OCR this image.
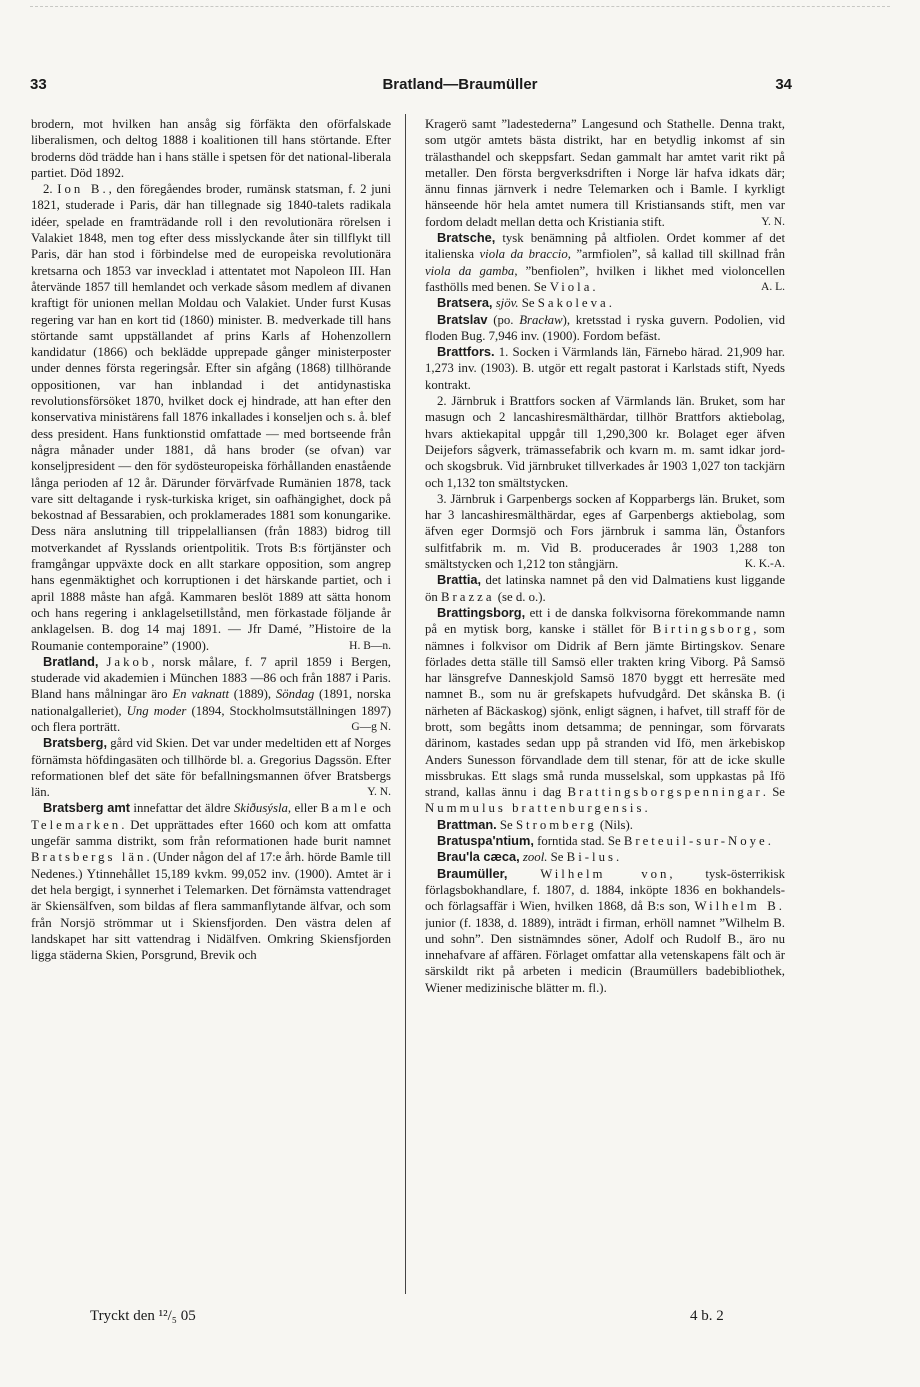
33	Bratland—Braumüller	34

brodern, mot hvilken han ansåg sig förfäkta den oförfalskade liberalismen, och deltog 1888 i koalitionen till hans störtande. Efter broderns död trädde han i hans ställe i spetsen för det national-liberala partiet. Död 1892.

2. Ion B., den föregåendes broder, rumänsk statsman, f. 2 juni 1821, studerade i Paris, där han tillegnade sig 1840-talets radikala idéer, spelade en framträdande roll i den revolutionära rörelsen i Valakiet 1848, men tog efter dess misslyckande åter sin tillflykt till Paris, där han stod i förbindelse med de europeiska revolutionära kretsarna och 1853 var invecklad i attentatet mot Napoleon III. Han återvände 1857 till hemlandet och verkade såsom medlem af divanen kraftigt för unionen mellan Moldau och Valakiet. Under furst Kusas regering var han en kort tid (1860) minister. B. medverkade till hans störtande samt uppställandet af prins Karls af Hohenzollern kandidatur (1866) och beklädde upprepade gånger ministerposter under dennes första regeringsår. Efter sin afgång (1868) tillhörande oppositionen, var han inblandad i det antidynastiska revolutionsförsöket 1870, hvilket dock ej hindrade, att han efter den konservativa ministärens fall 1876 inkallades i konseljen och s. å. blef dess president. Hans funktionstid omfattade — med bortseende från några månader under 1881, då hans broder (se ofvan) var konseljpresident — den för sydösteuropeiska förhållanden enastående långa perioden af 12 år. Därunder förvärfvade Rumänien 1878, tack vare sitt deltagande i rysk-turkiska kriget, sin oafhängighet, dock på bekostnad af Bessarabien, och proklamerades 1881 som konungarike. Dess nära anslutning till trippelalliansen (från 1883) bidrog till motverkandet af Rysslands orientpolitik. Trots B:s förtjänster och framgångar uppväxte dock en allt starkare opposition, som angrep hans egenmäktighet och korruptionen i det härskande partiet, och i april 1888 måste han afgå. Kammaren beslöt 1889 att sätta honom och hans regering i anklagelsetillstånd, men förkastade följande år anklagelsen. B. dog 14 maj 1891. — Jfr Damé, ”Histoire de la Roumanie contemporaine” (1900).	H. B—n.

Bratland, Jakob, norsk målare, f. 7 april 1859 i Bergen, studerade vid akademien i München 1883 —86 och från 1887 i Paris. Bland hans målningar äro En vaknatt (1889), Söndag (1891, norska nationalgalleriet), Ung moder (1894, Stockholmsutställningen 1897) och flera porträtt.	G—g N.

Bratsberg, gård vid Skien. Det var under medeltiden ett af Norges förnämsta höfdingasäten och tillhörde bl. a. Gregorius Dagssön. Efter reformationen blef det säte för befallningsmannen öfver Bratsbergs län.	Y. N.

Bratsberg amt innefattar det äldre Skiðusýsla, eller Bamle och Telemarken. Det upprättades efter 1660 och kom att omfatta ungefär samma distrikt, som från reformationen hade burit namnet Bratsbergs län. (Under någon del af 17:e årh. hörde Bamle till Nedenes.) Ytinnehållet 15,189 kvkm. 99,052 inv. (1900). Amtet är i det hela bergigt, i synnerhet i Telemarken. Det förnämsta vattendraget är Skiensälfven, som bildas af flera sammanflytande älfvar, och som från Norsjö strömmar ut i Skiensfjorden. Den västra delen af landskapet har sitt vattendrag i Nidälfven. Omkring Skiensfjorden ligga städerna Skien, Porsgrund, Brevik och

Kragerö samt ”ladestederna” Langesund och Stathelle. Denna trakt, som utgör amtets bästa distrikt, har en betydlig inkomst af sin trälasthandel och skeppsfart. Sedan gammalt har amtet varit rikt på metaller. Den första bergverksdriften i Norge lär hafva idkats där; ännu finnas järnverk i nedre Telemarken och i Bamle. I kyrkligt hänseende hör hela amtet numera till Kristiansands stift, men var fordom deladt mellan detta och Kristiania stift.	Y. N.

Bratsche, tysk benämning på altfiolen. Ordet kommer af det italienska viola da braccio, ”armfiolen”, så kallad till skillnad från viola da gamba, ”benfiolen”, hvilken i likhet med violoncellen fasthölls med benen. Se Viola.	A. L.

Bratsera, sjöv. Se Sakoleva.

Bratslav (po. Bracław), kretsstad i ryska guvern. Podolien, vid floden Bug. 7,946 inv. (1900). Fordom befäst.

Brattfors. 1. Socken i Värmlands län, Färnebo härad. 21,909 har. 1,273 inv. (1903). B. utgör ett regalt pastorat i Karlstads stift, Nyeds kontrakt.

2. Järnbruk i Brattfors socken af Värmlands län. Bruket, som har masugn och 2 lancashiresmälthärdar, tillhör Brattfors aktiebolag, hvars aktiekapital uppgår till 1,290,300 kr. Bolaget eger äfven Deijefors sågverk, trämassefabrik och kvarn m. m. samt idkar jord- och skogsbruk. Vid järnbruket tillverkades år 1903 1,027 ton tackjärn och 1,132 ton smältstycken.

3. Järnbruk i Garpenbergs socken af Kopparbergs län. Bruket, som har 3 lancashiresmälthärdar, eges af Garpenbergs aktiebolag, som äfven eger Dormsjö och Fors järnbruk i samma län, Östanfors sulfitfabrik m. m. Vid B. producerades år 1903 1,288 ton smältstycken och 1,212 ton stångjärn.	K. K.-A.

Brattia, det latinska namnet på den vid Dalmatiens kust liggande ön Brazza (se d. o.).

Brattingsborg, ett i de danska folkvisorna förekommande namn på en mytisk borg, kanske i stället för Birtingsborg, som nämnes i folkvisor om Didrik af Bern jämte Birtingskov. Senare förlades detta ställe till Samsö eller trakten kring Viborg. På Samsö har länsgrefve Danneskjold Samsö 1870 byggt ett herresäte med namnet B., som nu är grefskapets hufvudgård. Det skånska B. (i närheten af Bäckaskog) sjönk, enligt sägnen, i hafvet, till straff för de brott, som begåtts inom detsamma; de penningar, som förvarats därinom, kastades sedan upp på stranden vid Ifö, men ärkebiskop Anders Sunesson förvandlade dem till stenar, för att de icke skulle missbrukas. Ett slags små runda musselskal, som uppkastas på Ifö strand, kallas ännu i dag Brattingsborgspenningar. Se Nummulus brattenburgensis.

Brattman. Se Stromberg (Nils).

Bratuspa'ntium, forntida stad. Se Breteuil-sur-Noye.

Brau'la cæca, zool. Se Bi-lus.

Braumüller,	Wilhelm von, tysk-österrikisk förlagsbokhandlare, f. 1807, d. 1884, inköpte 1836 en bokhandels- och förlagsaffär i Wien, hvilken 1868, då B:s son, Wilhelm B. junior (f. 1838, d. 1889), inträdt i firman, erhöll namnet ”Wilhelm B. und sohn”. Den sistnämndes söner, Adolf och Rudolf B., äro nu innehafvare af affären. Förlaget omfattar alla vetenskapens fält och är särskildt rikt på arbeten i medicin (Braumüllers badebibliothek, Wiener medizinische blätter m. fl.).

Tryckt den ¹²/₅ 05	4 b. 2
